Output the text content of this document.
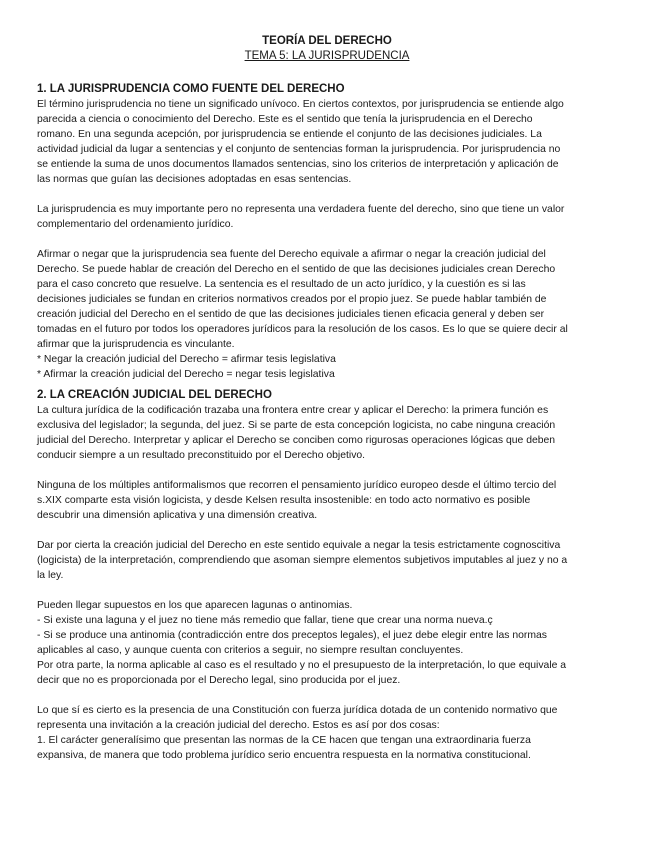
TEORÍA DEL DERECHO

TEMA 5: LA JURISPRUDENCIA

1. LA JURISPRUDENCIA COMO FUENTE DEL DERECHO

El término jurisprudencia no tiene un significado unívoco. En ciertos contextos, por jurisprudencia se entiende algo
parecida a ciencia o conocimiento del Derecho. Este es el sentido que tenía la jurisprudencia en el Derecho
romano. En una segunda acepción, por jurisprudencia se entiende el conjunto de las decisiones judiciales. La
actividad judicial da lugar a sentencias y el conjunto de sentencias forman la jurisprudencia. Por jurisprudencia no
se entiende la suma de unos documentos llamados sentencias, sino los criterios de interpretación y aplicación de
las normas que guían las decisiones adoptadas en esas sentencias.

La jurisprudencia es muy importante pero no representa una verdadera fuente del derecho, sino que tiene un valor
complementario del ordenamiento jurídico.

Afirmar o negar que la jurisprudencia sea fuente del Derecho equivale a afirmar o negar la creación judicial del
Derecho. Se puede hablar de creación del Derecho en el sentido de que las decisiones judiciales crean Derecho
para el caso concreto que resuelve. La sentencia es el resultado de un acto jurídico, y la cuestión es si las
decisiones judiciales se fundan en criterios normativos creados por el propio juez. Se puede hablar también de
creación judicial del Derecho en el sentido de que las decisiones judiciales tienen eficacia general y deben ser
tomadas en el futuro por todos los operadores jurídicos para la resolución de los casos. Es lo que se quiere decir al
afirmar que la jurisprudencia es vinculante.

* Negar la creación judicial del Derecho = afirmar tesis legislativa

* Afirmar la creación judicial del Derecho = negar tesis legislativa

2. LA CREACIÓN JUDICIAL DEL DERECHO

La cultura jurídica de la codificación trazaba una frontera entre crear y aplicar el Derecho: la primera función es
exclusiva del legislador; la segunda, del juez. Si se parte de esta concepción logicista, no cabe ninguna creación
judicial del Derecho. Interpretar y aplicar el Derecho se conciben como rigurosas operaciones lógicas que deben
conducir siempre a un resultado preconstituido por el Derecho objetivo.

Ninguna de los múltiples antiformalismos que recorren el pensamiento jurídico europeo desde el último tercio del
s.XIX comparte esta visión logicista, y desde Kelsen resulta insostenible: en todo acto normativo es posible
descubrir una dimensión aplicativa y una dimensión creativa.

Dar por cierta la creación judicial del Derecho en este sentido equivale a negar la tesis estrictamente cognoscitiva
(logicista) de la interpretación, comprendiendo que asoman siempre elementos subjetivos imputables al juez y no a
la ley.

Pueden llegar supuestos en los que aparecen lagunas o antinomias.
- Si existe una laguna y el juez no tiene más remedio que fallar, tiene que crear una norma nueva.ç
- Si se produce una antinomia (contradicción entre dos preceptos legales), el juez debe elegir entre las normas
aplicables al caso, y aunque cuenta con criterios a seguir, no siempre resultan concluyentes.
Por otra parte, la norma aplicable al caso es el resultado y no el presupuesto de la interpretación, lo que equivale a
decir que no es proporcionada por el Derecho legal, sino producida por el juez.

Lo que sí es cierto es la presencia de una Constitución con fuerza jurídica dotada de un contenido normativo que
representa una invitación a la creación judicial del derecho. Estos es así por dos cosas:
1. El carácter generalísimo que presentan las normas de la CE hacen que tengan una extraordinaria fuerza
expansiva, de manera que todo problema jurídico serio encuentra respuesta en la normativa constitucional.
